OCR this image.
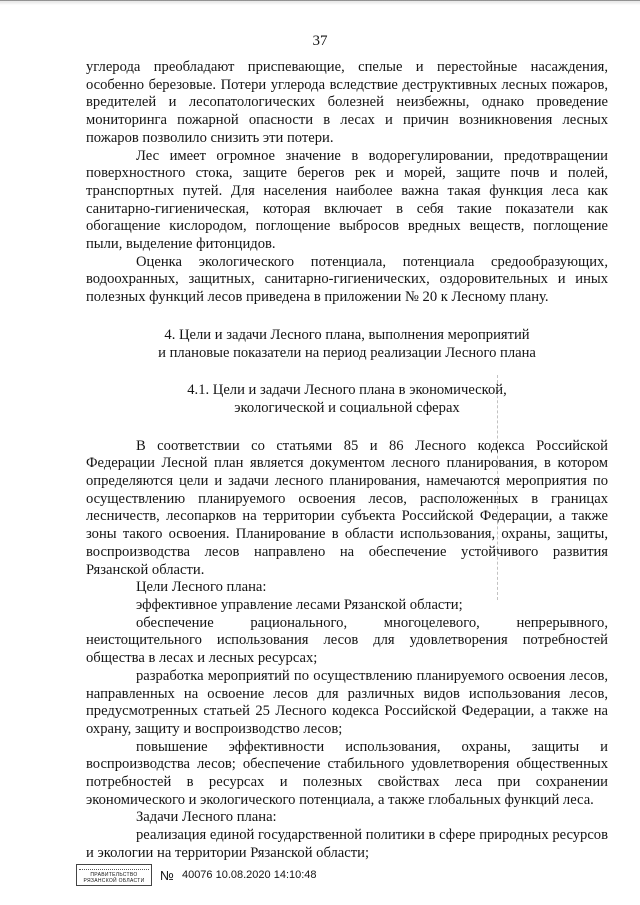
37

углерода преобладают приспевающие, спелые и перестойные насаждения, особенно березовые. Потери углерода вследствие деструктивных лесных пожаров, вредителей и лесопатологических болезней неизбежны, однако проведение мониторинга пожарной опасности в лесах и причин возникновения лесных пожаров позволило снизить эти потери.

Лес имеет огромное значение в водорегулировании, предотвращении поверхностного стока, защите берегов рек и морей, защите почв и полей, транспортных путей. Для населения наиболее важна такая функция леса как санитарно-гигиеническая, которая включает в себя такие показатели как обогащение кислородом, поглощение выбросов вредных веществ, поглощение пыли, выделение фитонцидов.

Оценка экологического потенциала, потенциала средообразующих, водоохранных, защитных, санитарно-гигиенических, оздоровительных и иных полезных функций лесов приведена в приложении № 20 к Лесному плану.

4. Цели и задачи Лесного плана, выполнения мероприятий

и плановые показатели на период реализации Лесного плана

4.1. Цели и задачи Лесного плана в экономической,

экологической и социальной сферах

В соответствии со статьями 85 и 86 Лесного кодекса Российской Федерации Лесной план является документом лесного планирования, в котором определяются цели и задачи лесного планирования, намечаются мероприятия по осуществлению планируемого освоения лесов, расположенных в границах лесничеств, лесопарков на территории субъекта Российской Федерации, а также зоны такого освоения. Планирование в области использования, охраны, защиты, воспроизводства лесов направлено на обеспечение устойчивого развития Рязанской области.

Цели Лесного плана:

эффективное управление лесами Рязанской области;

обеспечение рационального, многоцелевого, непрерывного, неистощительного использования лесов для удовлетворения потребностей общества в лесах и лесных ресурсах;

разработка мероприятий по осуществлению планируемого освоения лесов, направленных на освоение лесов для различных видов использования лесов, предусмотренных статьей 25 Лесного кодекса Российской Федерации, а также на охрану, защиту и воспроизводство лесов;

повышение эффективности использования, охраны, защиты и воспроизводства лесов; обеспечение стабильного удовлетворения общественных потребностей в ресурсах и полезных свойствах леса при сохранении экономического и экологического потенциала, а также глобальных функций леса.

Задачи Лесного плана:

реализация единой государственной политики в сфере природных ресурсов и экологии на территории Рязанской области;

ПРАВИТЕЛЬСТВО РЯЗАНСКОЙ ОБЛАСТИ	№ 40076 10.08.2020 14:10:48
